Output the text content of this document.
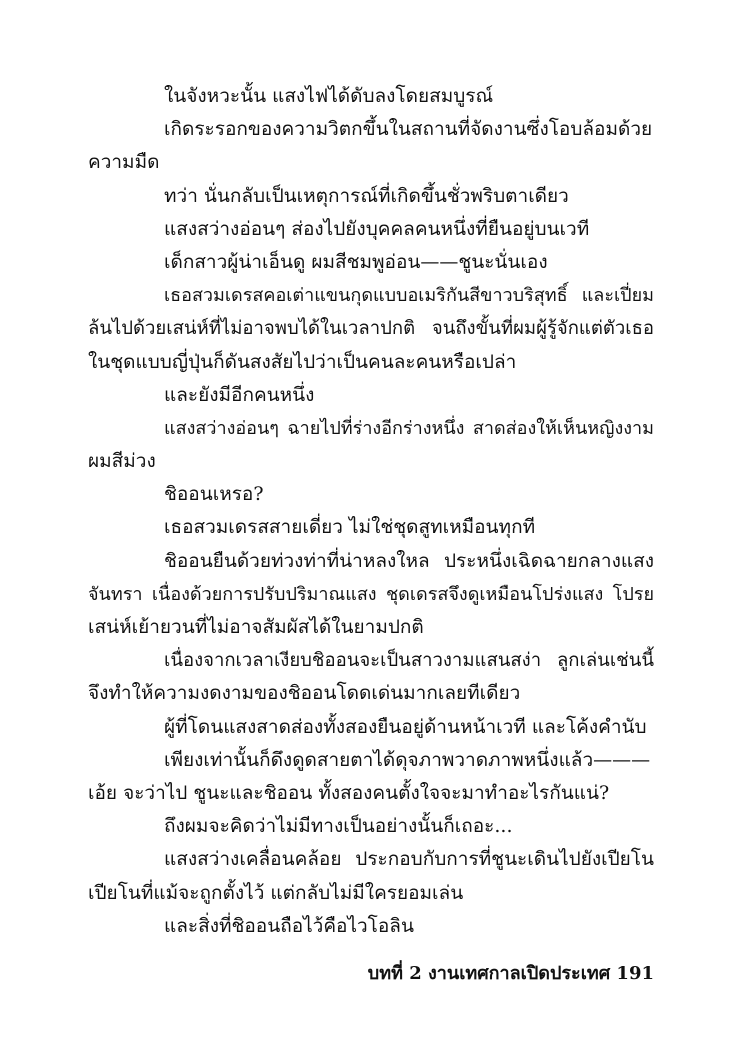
ในจังหวะนั้น แสงไฟได้ดับลงโดยสมบูรณ์
เกิดระรอกของความวิตกขึ้นในสถานที่จัดงานซึ่งโอบล้อมด้วย
ความมืด
ทว่า นั่นกลับเป็นเหตุการณ์ที่เกิดขึ้นชั่วพริบตาเดียว
แสงสว่างอ่อนๆ ส่องไปยังบุคคลคนหนึ่งที่ยืนอยู่บนเวที
เด็กสาวผู้น่าเอ็นดู ผมสีชมพูอ่อน——ชูนะนั่นเอง
เธอสวมเดรสคอเต่าแขนกุดแบบอเมริกันสีขาวบริสุทธิ์ และเปี่ยม
ล้นไปด้วยเสน่ห์ที่ไม่อาจพบได้ในเวลาปกติ จนถึงขั้นที่ผมผู้รู้จักแต่ตัวเธอ
ในชุดแบบญี่ปุ่นก็ดันสงสัยไปว่าเป็นคนละคนหรือเปล่า
และยังมีอีกคนหนึ่ง
แสงสว่างอ่อนๆ ฉายไปที่ร่างอีกร่างหนึ่ง สาดส่องให้เห็นหญิงงาม
ผมสีม่วง
ชิออนเหรอ?
เธอสวมเดรสสายเดี่ยว ไม่ใช่ชุดสูทเหมือนทุกที
ชิออนยืนด้วยท่วงท่าที่น่าหลงใหล ประหนึ่งเฉิดฉายกลางแสง
จันทรา เนื่องด้วยการปรับปริมาณแสง ชุดเดรสจึงดูเหมือนโปร่งแสง โปรย
เสน่ห์เย้ายวนที่ไม่อาจสัมผัสได้ในยามปกติ
เนื่องจากเวลาเงียบชิออนจะเป็นสาวงามแสนสง่า ลูกเล่นเช่นนี้
จึงทำให้ความงดงามของชิออนโดดเด่นมากเลยทีเดียว
ผู้ที่โดนแสงสาดส่องทั้งสองยืนอยู่ด้านหน้าเวที และโค้งคำนับ
เพียงเท่านั้นก็ดึงดูดสายตาได้ดุจภาพวาดภาพหนึ่งแล้ว———
เอ้ย จะว่าไป ชูนะและชิออน ทั้งสองคนตั้งใจจะมาทำอะไรกันแน่?
ถึงผมจะคิดว่าไม่มีทางเป็นอย่างนั้นก็เถอะ...
แสงสว่างเคลื่อนคล้อย ประกอบกับการที่ชูนะเดินไปยังเปียโน
เปียโนที่แม้จะถูกตั้งไว้ แต่กลับไม่มีใครยอมเล่น
และสิ่งที่ชิออนถือไว้คือไวโอลิน
บทที่ 2 งานเทศกาลเปิดประเทศ 191
